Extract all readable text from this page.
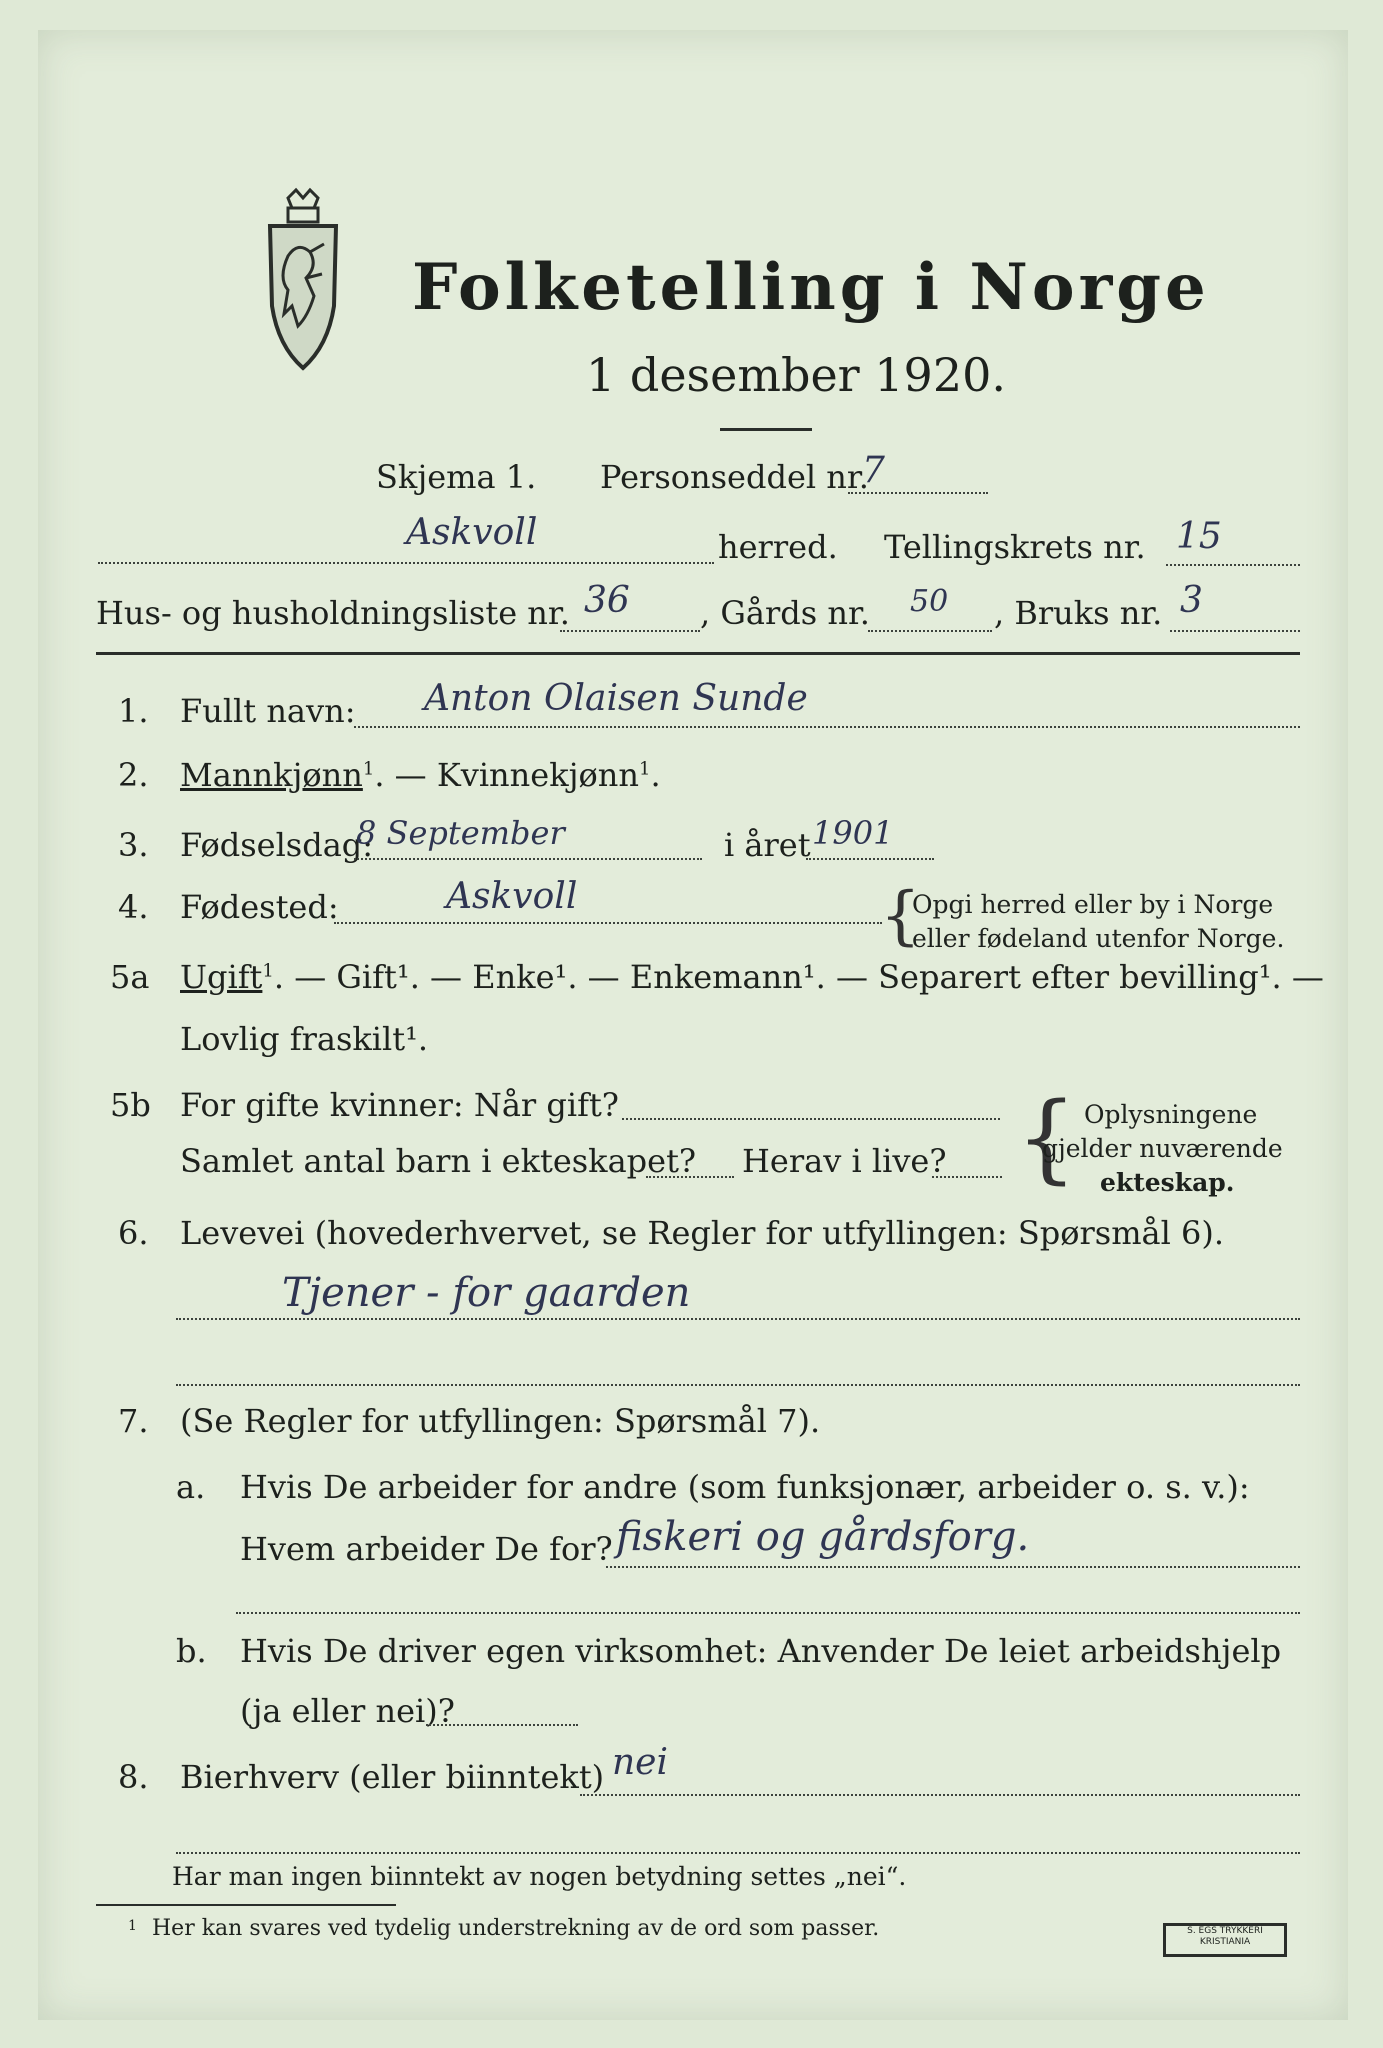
Folketelling i Norge
1 desember 1920.
Skjema 1. Personseddel nr.
7
Askvoll	herred. Tellingskrets nr. 15
Hus- og husholdningsliste nr. 36 , Gårds nr. 50 , Bruks nr. 3
1. Fullt navn: Anton Olaisen Sunde
2. Mannkjønn$^1$. — Kvinnekjønn$^1$.
3. Fødselsdag:
8 September	i året 1901
4. Fødested:	Askvoll	{
Opgi herred eller by i Norge
eller fødeland utenfor Norge.
5a Ugift$^1$. — Gift¹. — Enke¹. — Enkemann¹. — Separert efter bevilling¹. —
Lovlig fraskilt¹.
5b For gifte kvinner: Når gift?
Samlet antal barn i ekteskapet? Herav i live? { Oplysningene
gjelder nuværende
ekteskap.
6. Levevei (hovederhvervet, se Regler for utfyllingen: Spørsmål 6).
Tjener - for gaarden
7. (Se Regler for utfyllingen: Spørsmål 7).
a. Hvis De arbeider for andre (som funksjonær, arbeider o. s. v.):
Hvem arbeider De for? fiskeri og gårdsforg.
b. Hvis De driver egen virksomhet: Anvender De leiet arbeidshjelp
(ja eller nei)?
8. Bierhverv (eller biinntekt) nei
Har man ingen biinntekt av nogen betydning settes „nei“.
1 Her kan svares ved tydelig understrekning av de ord som passer.	S. EGS TRYKKERI KRISTIANIA
